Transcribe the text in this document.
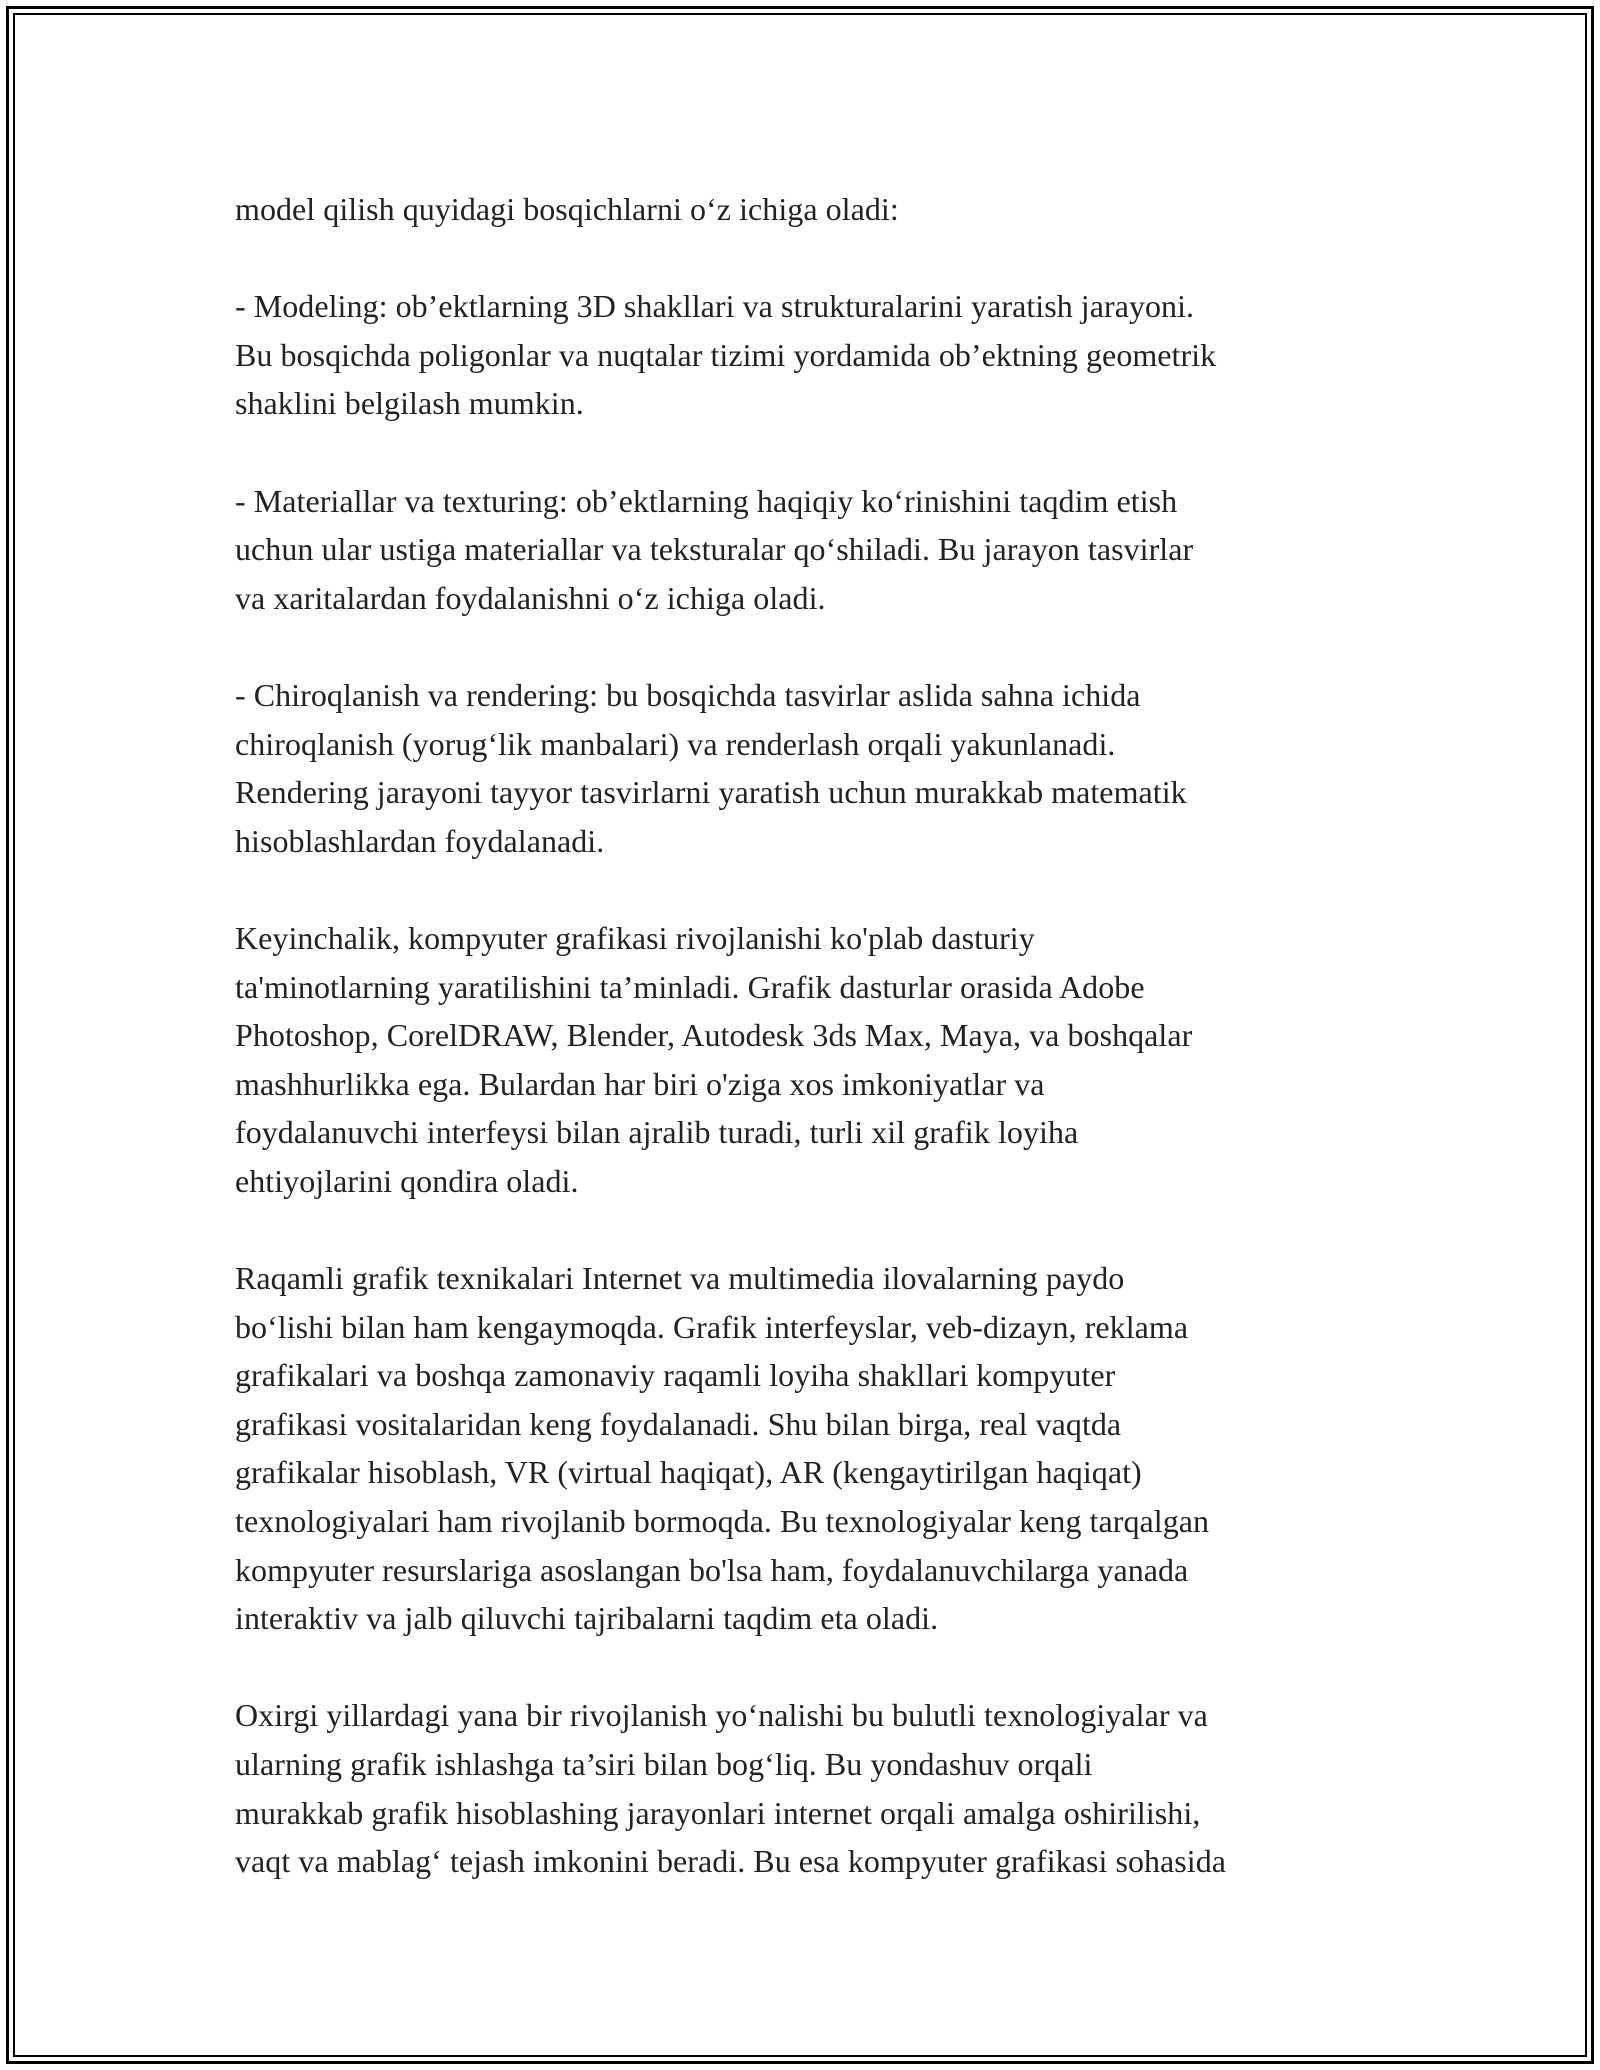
model qilish quyidagi bosqichlarni o‘z ichiga oladi:
- Modeling: ob’ektlarning 3D shakllari va strukturalarini yaratish jarayoni.
Bu bosqichda poligonlar va nuqtalar tizimi yordamida ob’ektning geometrik
shaklini belgilash mumkin.
- Materiallar va texturing: ob’ektlarning haqiqiy ko‘rinishini taqdim etish
uchun ular ustiga materiallar va teksturalar qo‘shiladi. Bu jarayon tasvirlar
va xaritalardan foydalanishni o‘z ichiga oladi.
- Chiroqlanish va rendering: bu bosqichda tasvirlar aslida sahna ichida
chiroqlanish (yorug‘lik manbalari) va renderlash orqali yakunlanadi.
Rendering jarayoni tayyor tasvirlarni yaratish uchun murakkab matematik
hisoblashlardan foydalanadi.
Keyinchalik, kompyuter grafikasi rivojlanishi ko'plab dasturiy
ta'minotlarning yaratilishini ta’minladi. Grafik dasturlar orasida Adobe
Photoshop, CorelDRAW, Blender, Autodesk 3ds Max, Maya, va boshqalar
mashhurlikka ega. Bulardan har biri o'ziga xos imkoniyatlar va
foydalanuvchi interfeysi bilan ajralib turadi, turli xil grafik loyiha
ehtiyojlarini qondira oladi.
Raqamli grafik texnikalari Internet va multimedia ilovalarning paydo
bo‘lishi bilan ham kengaymoqda. Grafik interfeyslar, veb-dizayn, reklama
grafikalari va boshqa zamonaviy raqamli loyiha shakllari kompyuter
grafikasi vositalaridan keng foydalanadi. Shu bilan birga, real vaqtda
grafikalar hisoblash, VR (virtual haqiqat), AR (kengaytirilgan haqiqat)
texnologiyalari ham rivojlanib bormoqda. Bu texnologiyalar keng tarqalgan
kompyuter resurslariga asoslangan bo'lsa ham, foydalanuvchilarga yanada
interaktiv va jalb qiluvchi tajribalarni taqdim eta oladi.
Oxirgi yillardagi yana bir rivojlanish yo‘nalishi bu bulutli texnologiyalar va
ularning grafik ishlashga ta’siri bilan bog‘liq. Bu yondashuv orqali
murakkab grafik hisoblashing jarayonlari internet orqali amalga oshirilishi,
vaqt va mablag‘ tejash imkonini beradi. Bu esa kompyuter grafikasi sohasida
